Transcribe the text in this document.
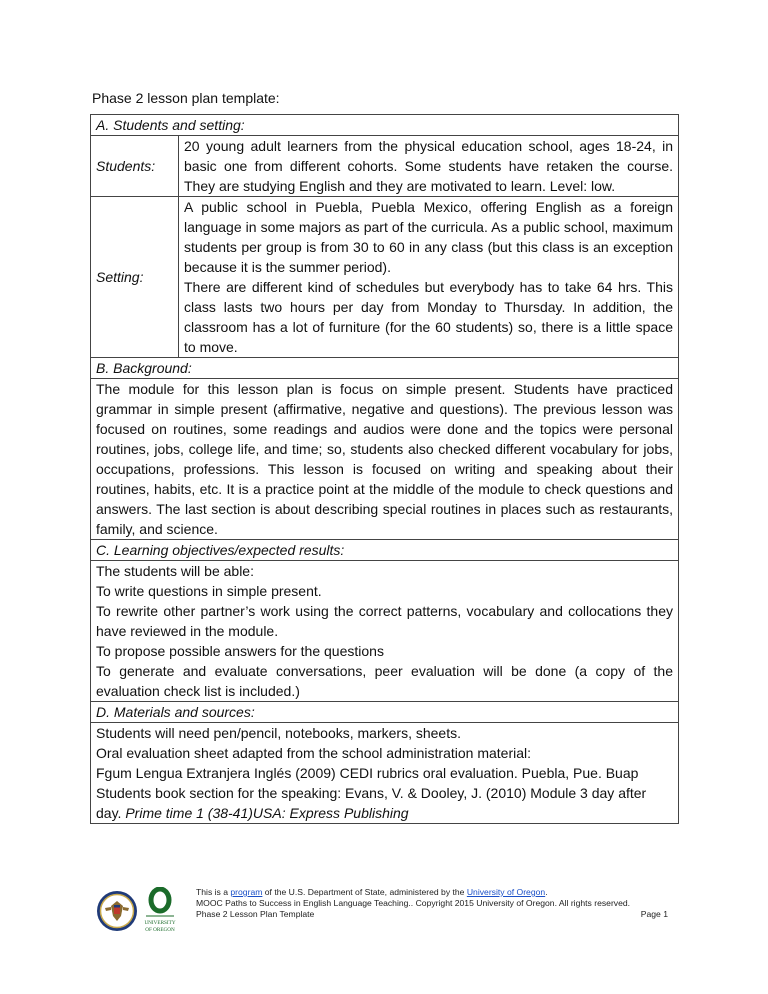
Phase 2 lesson plan template:
A. Students and setting:	
Students:	20 young adult learners from the physical education school, ages 18-24, in basic one from different cohorts. Some students have retaken the course. They are studying English and they are motivated to learn. Level: low.
Setting:	A public school in Puebla, Puebla Mexico, offering English as a foreign language in some majors as part of the curricula. As a public school, maximum students per group is from 30 to 60 in any class (but this class is an exception because it is the summer period).
There are different kind of schedules but everybody has to take 64 hrs. This class lasts two hours per day from Monday to Thursday. In addition, the classroom has a lot of furniture (for the 60 students) so, there is a little space to move.

B. Background:	
The module for this lesson plan is focus on simple present. Students have practiced grammar in simple present (affirmative, negative and questions). The previous lesson was focused on routines, some readings and audios were done and the topics were personal routines, jobs, college life, and time; so, students also checked different vocabulary for jobs, occupations, professions. This lesson is focused on writing and speaking about their routines, habits, etc. It is a practice point at the middle of the module to check questions and answers. The last section is about describing special routines in places such as restaurants, family, and science.	
C. Learning objectives/expected results:	

The students will be able:
To write questions in simple present.
To rewrite other partner’s work using the correct patterns, vocabulary and collocations they have reviewed in the module.
To propose possible answers for the questions
To generate and evaluate conversations, peer evaluation will be done (a copy of the evaluation check list is included.)	

D. Materials and sources:	

Students will need pen/pencil, notebooks, markers, sheets.
Oral evaluation sheet adapted from the school administration material:
Fgum Lengua Extranjera Inglés (2009) CEDI rubrics oral evaluation. Puebla, Pue. Buap
Students book section for the speaking: Evans, V. & Dooley, J. (2010) Module 3 day after day. Prime time 1 (38-41)USA: Express Publishing	
UNIVERSITY
OF OREGON
O
This is a program of the U.S. Department of State, administered by the University of Oregon.
MOOC Paths to Success in English Language Teaching.. Copyright 2015 University of Oregon. All rights reserved.
Phase 2 Lesson Plan Template	Page 1
